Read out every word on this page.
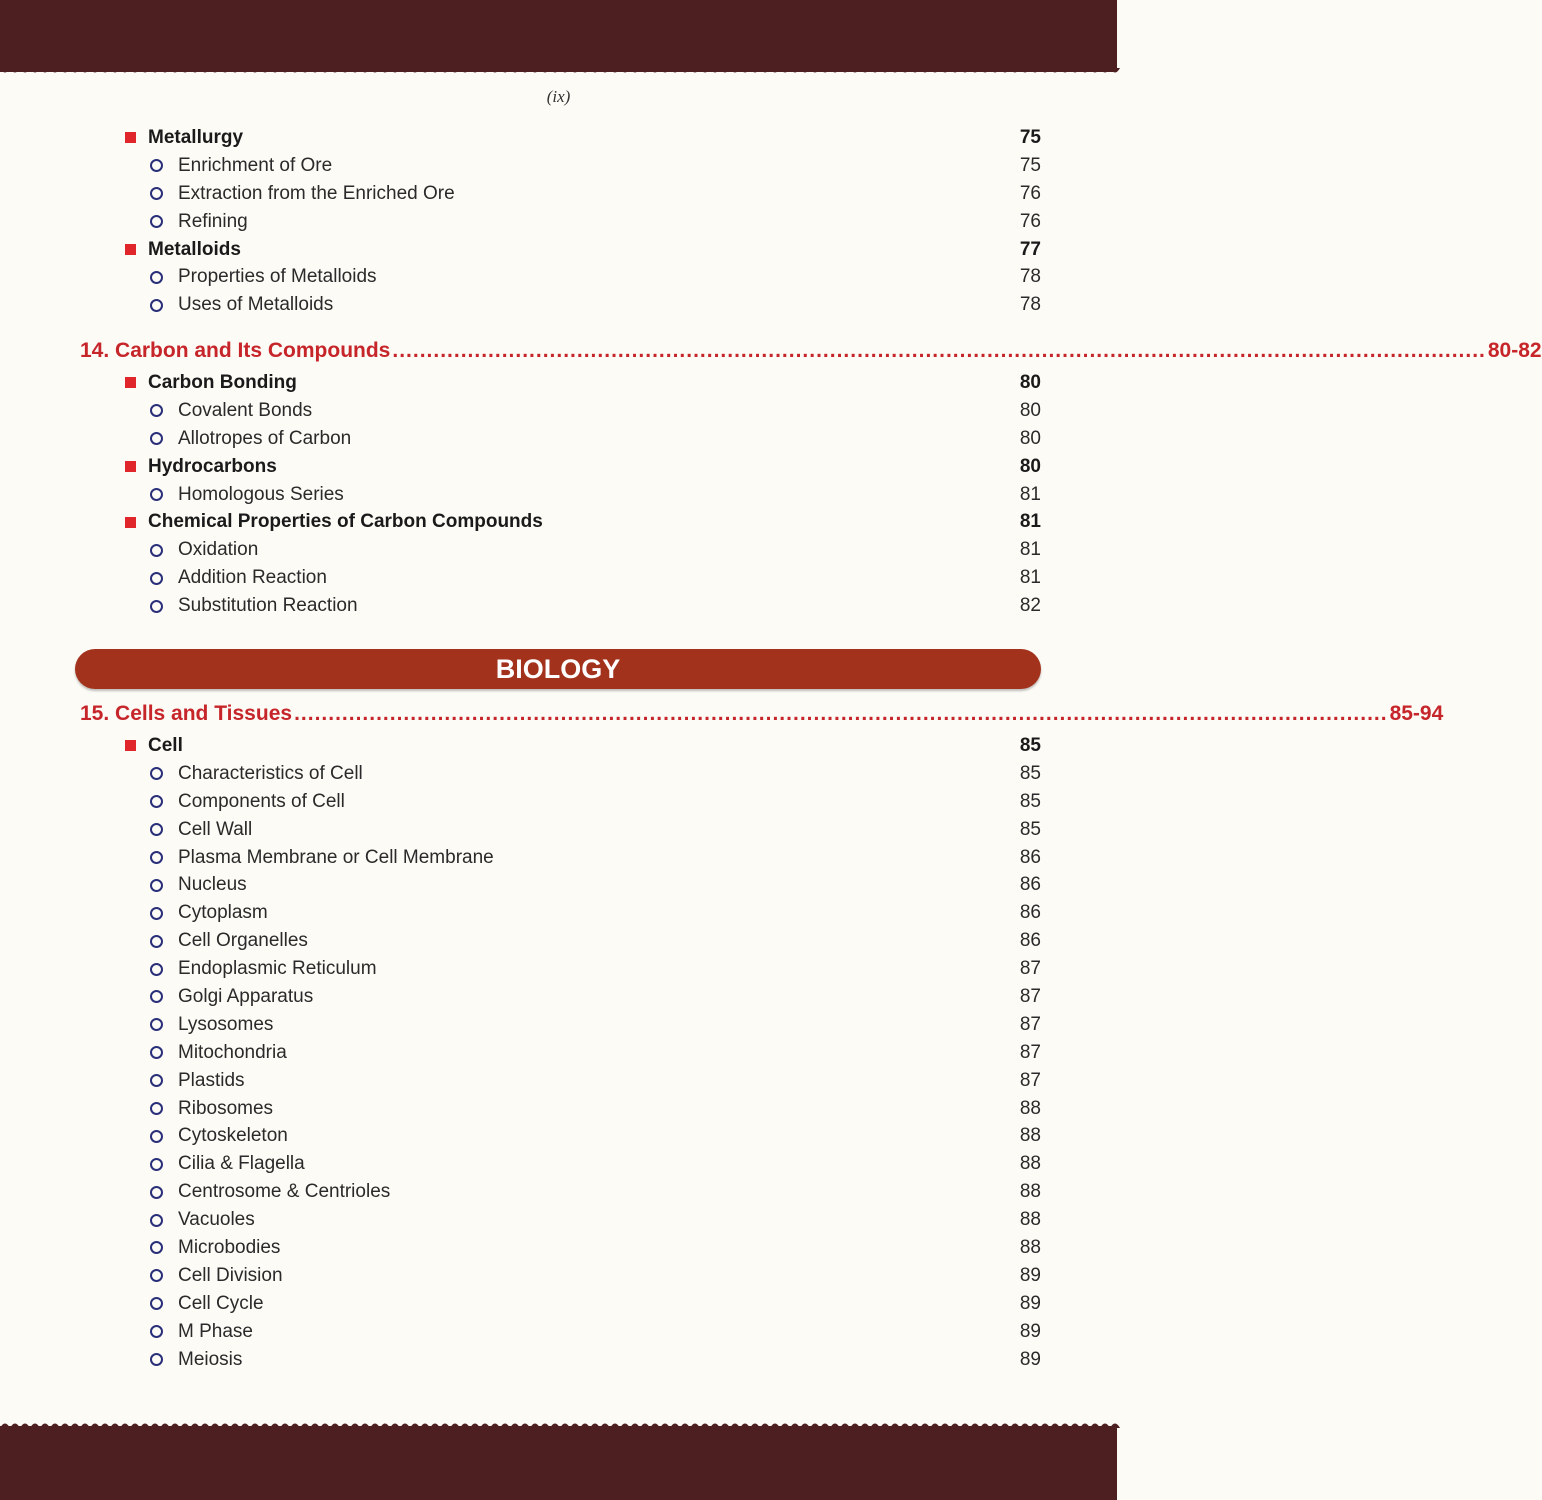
(ix)
Metallurgy	75
Enrichment of Ore	75
Extraction from the Enriched Ore	76
Refining	76
Metalloids	77
Properties of Metalloids	78
Uses of Metalloids	78
14. Carbon and Its Compounds ................................................................................................................................................................ 80-82
Carbon Bonding	80
Covalent Bonds	80
Allotropes of Carbon	80
Hydrocarbons	80
Homologous Series	81
Chemical Properties of Carbon Compounds	81
Oxidation	81
Addition Reaction	81
Substitution Reaction	82
BIOLOGY
15. Cells and Tissues ................................................................................................................................................................ 85-94
Cell	85
Characteristics of Cell	85
Components of Cell	85
Cell Wall	85
Plasma Membrane or Cell Membrane	86
Nucleus	86
Cytoplasm	86
Cell Organelles	86
Endoplasmic Reticulum	87
Golgi Apparatus	87
Lysosomes	87
Mitochondria	87
Plastids	87
Ribosomes	88
Cytoskeleton	88
Cilia & Flagella	88
Centrosome & Centrioles	88
Vacuoles	88
Microbodies	88
Cell Division	89
Cell Cycle	89
M Phase	89
Meiosis	89
